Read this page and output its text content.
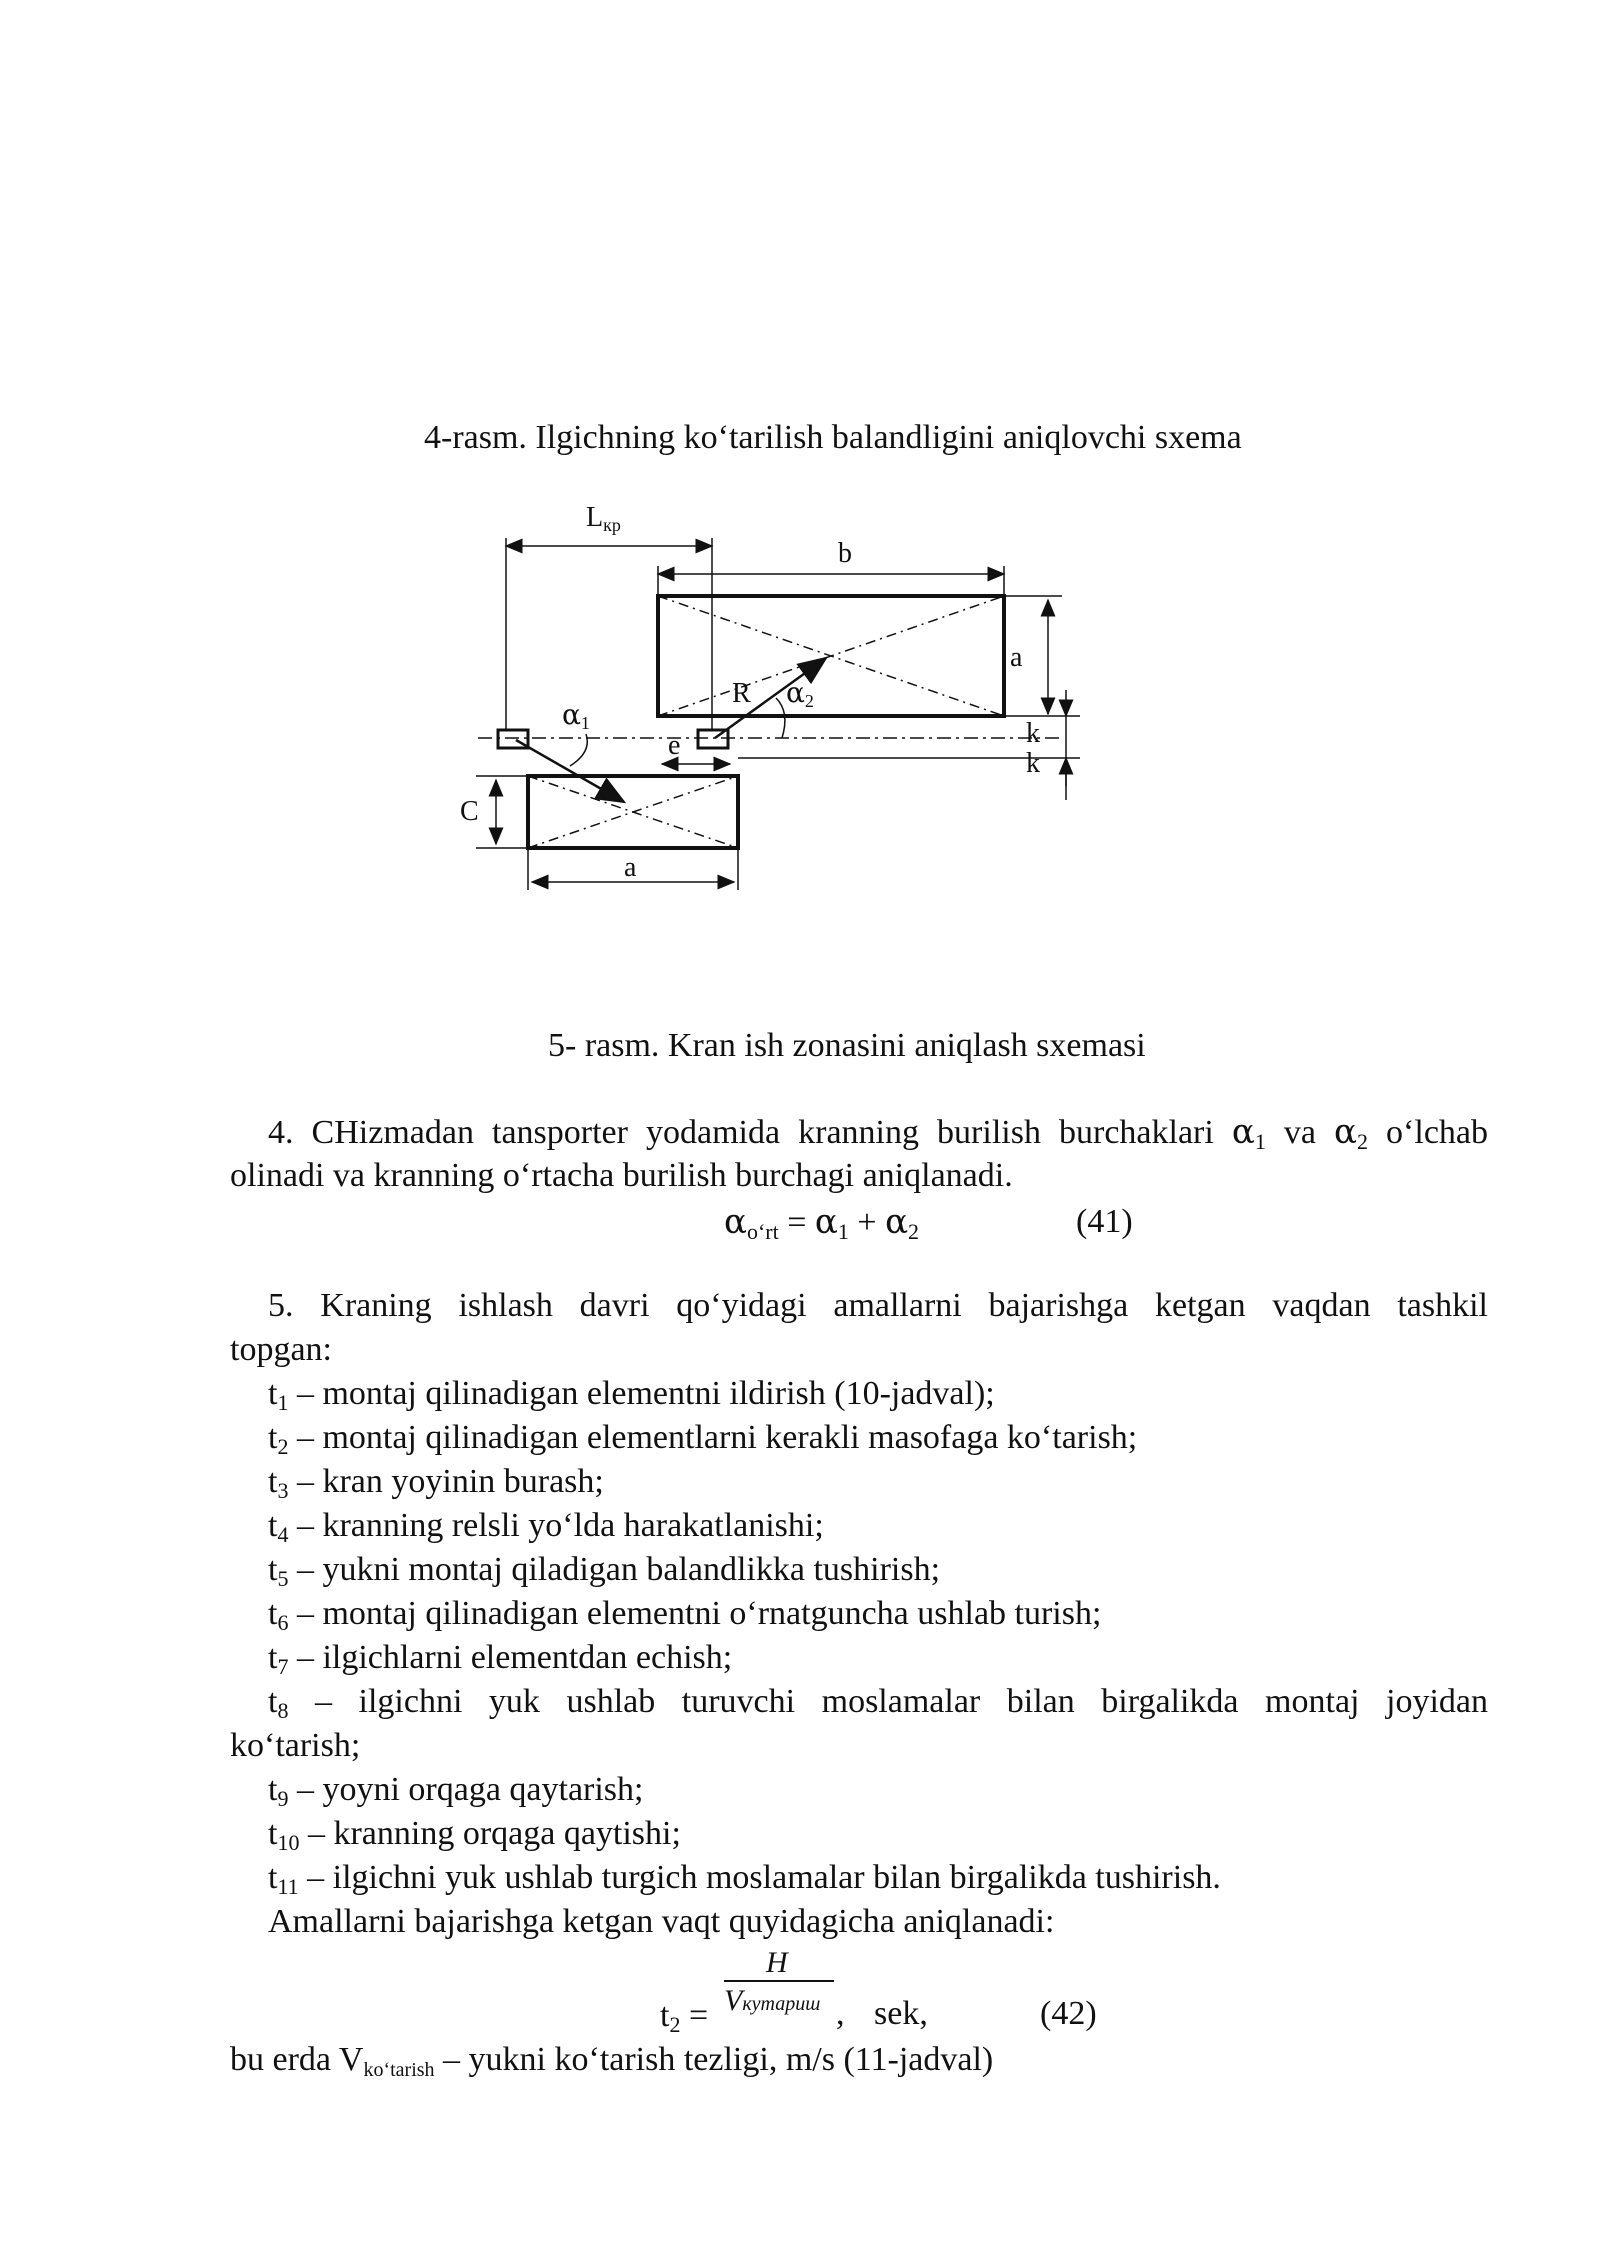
4-rasm. Ilgichning ko‘tarilish balandligini aniqlovchi sxema
Lкр
b
a
k
k
R
α1
α2
e
C
a
5- rasm. Kran ish zonasini aniqlash sxemasi
4. CHizmadan tansporter yodamida kranning burilish burchaklari $\alpha_1$ va $\alpha_2$ o‘lchab
olinadi va kranning o‘rtacha burilish burchagi aniqlanadi.
$\alpha_{o‘rt} = \alpha_1 + \alpha_2$	(41)
5. Kraning ishlash davri qo‘yidagi amallarni bajarishga ketgan vaqdan tashkil
topgan:
$t_1$ – montaj qilinadigan elementni ildirish (10-jadval);
$t_2$ – montaj qilinadigan elementlarni kerakli masofaga ko‘tarish;
$t_3$ – kran yoyinin burash;
$t_4$ – kranning relsli yo‘lda harakatlanishi;
$t_5$ – yukni montaj qiladigan balandlikka tushirish;
$t_6$ – montaj qilinadigan elementni o‘rnatguncha ushlab turish;
$t_7$ – ilgichlarni elementdan echish;
$t_8$ – ilgichni yuk ushlab turuvchi moslamalar bilan birgalikda montaj joyidan
ko‘tarish;
$t_9$ – yoyni orqaga qaytarish;
$t_{10}$ – kranning orqaga qaytishi;
$t_{11}$ – ilgichni yuk ushlab turgich moslamalar bilan birgalikda tushirish.
Amallarni bajarishga ketgan vaqt quyidagicha aniqlanadi:
H
Vкутариш
$t_2$ =	, sek,	(42)
bu erda $V_{ko‘tarish}$ – yukni ko‘tarish tezligi, m/s (11-jadval)
